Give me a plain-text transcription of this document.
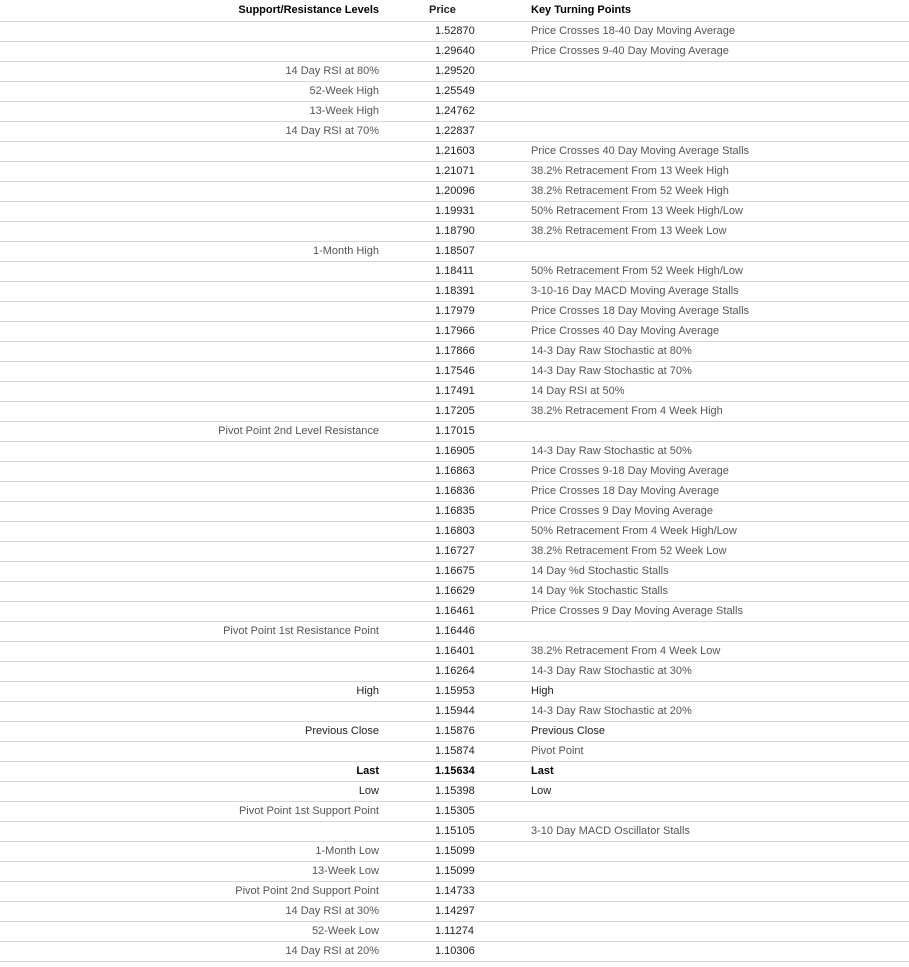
Support/Resistance Levels	Price	Key Turning Points
	1.52870	Price Crosses 18-40 Day Moving Average
	1.29640	Price Crosses 9-40 Day Moving Average
14 Day RSI at 80%	1.29520	
52-Week High	1.25549	
13-Week High	1.24762	
14 Day RSI at 70%	1.22837	
	1.21603	Price Crosses 40 Day Moving Average Stalls
	1.21071	38.2% Retracement From 13 Week High
	1.20096	38.2% Retracement From 52 Week High
	1.19931	50% Retracement From 13 Week High/Low
	1.18790	38.2% Retracement From 13 Week Low
1-Month High	1.18507	
	1.18411	50% Retracement From 52 Week High/Low
	1.18391	3-10-16 Day MACD Moving Average Stalls
	1.17979	Price Crosses 18 Day Moving Average Stalls
	1.17966	Price Crosses 40 Day Moving Average
	1.17866	14-3 Day Raw Stochastic at 80%
	1.17546	14-3 Day Raw Stochastic at 70%
	1.17491	14 Day RSI at 50%
	1.17205	38.2% Retracement From 4 Week High
Pivot Point 2nd Level Resistance	1.17015	
	1.16905	14-3 Day Raw Stochastic at 50%
	1.16863	Price Crosses 9-18 Day Moving Average
	1.16836	Price Crosses 18 Day Moving Average
	1.16835	Price Crosses 9 Day Moving Average
	1.16803	50% Retracement From 4 Week High/Low
	1.16727	38.2% Retracement From 52 Week Low
	1.16675	14 Day %d Stochastic Stalls
	1.16629	14 Day %k Stochastic Stalls
	1.16461	Price Crosses 9 Day Moving Average Stalls
Pivot Point 1st Resistance Point	1.16446	
	1.16401	38.2% Retracement From 4 Week Low
	1.16264	14-3 Day Raw Stochastic at 30%
High	1.15953	High
	1.15944	14-3 Day Raw Stochastic at 20%
Previous Close	1.15876	Previous Close
	1.15874	Pivot Point
Last	1.15634	Last
Low	1.15398	Low
Pivot Point 1st Support Point	1.15305	
	1.15105	3-10 Day MACD Oscillator Stalls
1-Month Low	1.15099	
13-Week Low	1.15099	
Pivot Point 2nd Support Point	1.14733	
14 Day RSI at 30%	1.14297	
52-Week Low	1.11274	
14 Day RSI at 20%	1.10306	
